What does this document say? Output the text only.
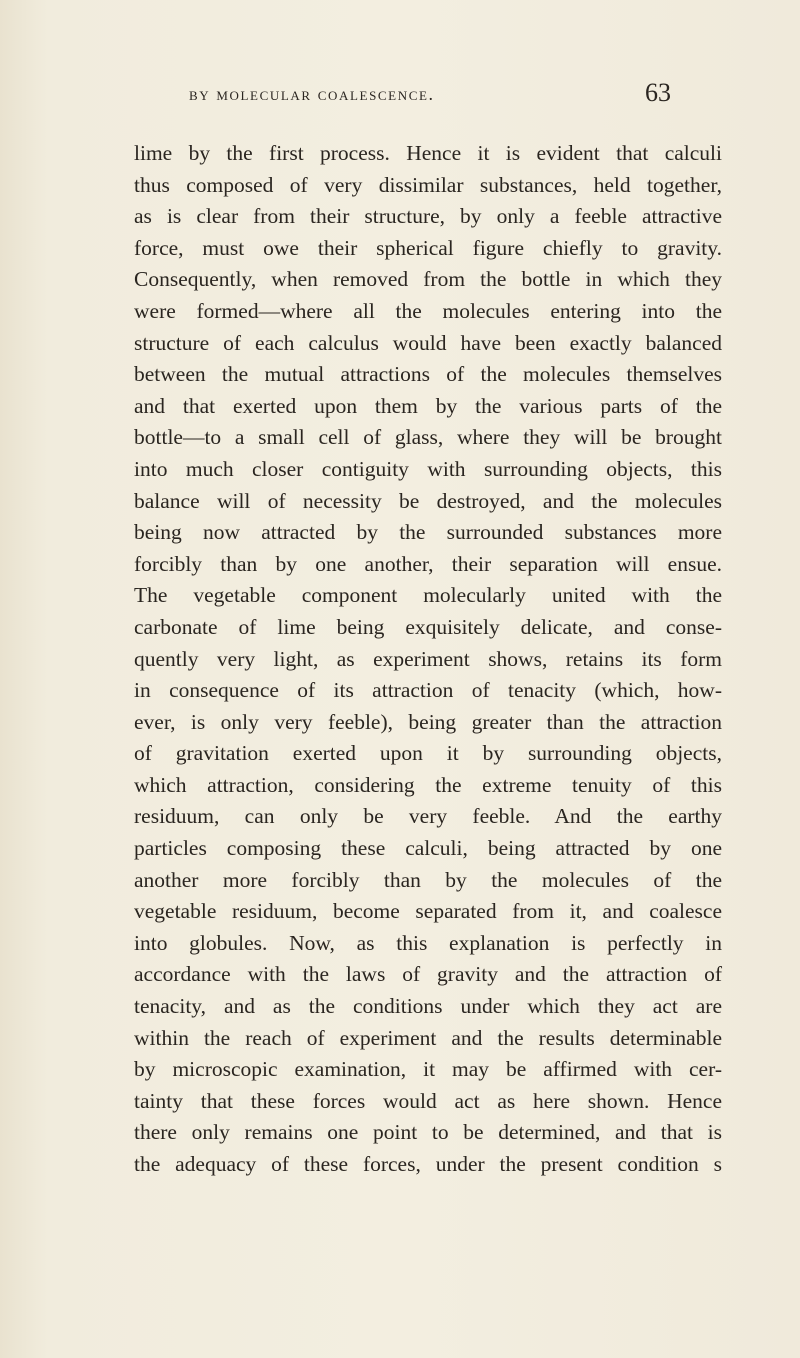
by molecular coalescence.	63
lime by the first process. Hence it is evident that calculi
thus composed of very dissimilar substances, held together,
as is clear from their structure, by only a feeble attractive
force, must owe their spherical figure chiefly to gravity.
Consequently, when removed from the bottle in which they
were formed—where all the molecules entering into the
structure of each calculus would have been exactly balanced
between the mutual attractions of the molecules themselves
and that exerted upon them by the various parts of the
bottle—to a small cell of glass, where they will be brought
into much closer contiguity with surrounding objects, this
balance will of necessity be destroyed, and the molecules
being now attracted by the surrounded substances more
forcibly than by one another, their separation will ensue.
The vegetable component molecularly united with the
carbonate of lime being exquisitely delicate, and conse-
quently very light, as experiment shows, retains its form
in consequence of its attraction of tenacity (which, how-
ever, is only very feeble), being greater than the attraction
of gravitation exerted upon it by surrounding objects,
which attraction, considering the extreme tenuity of this
residuum, can only be very feeble. And the earthy
particles composing these calculi, being attracted by one
another more forcibly than by the molecules of the
vegetable residuum, become separated from it, and coalesce
into globules. Now, as this explanation is perfectly in
accordance with the laws of gravity and the attraction of
tenacity, and as the conditions under which they act are
within the reach of experiment and the results determinable
by microscopic examination, it may be affirmed with cer-
tainty that these forces would act as here shown. Hence
there only remains one point to be determined, and that is
the adequacy of these forces, under the present condition s
